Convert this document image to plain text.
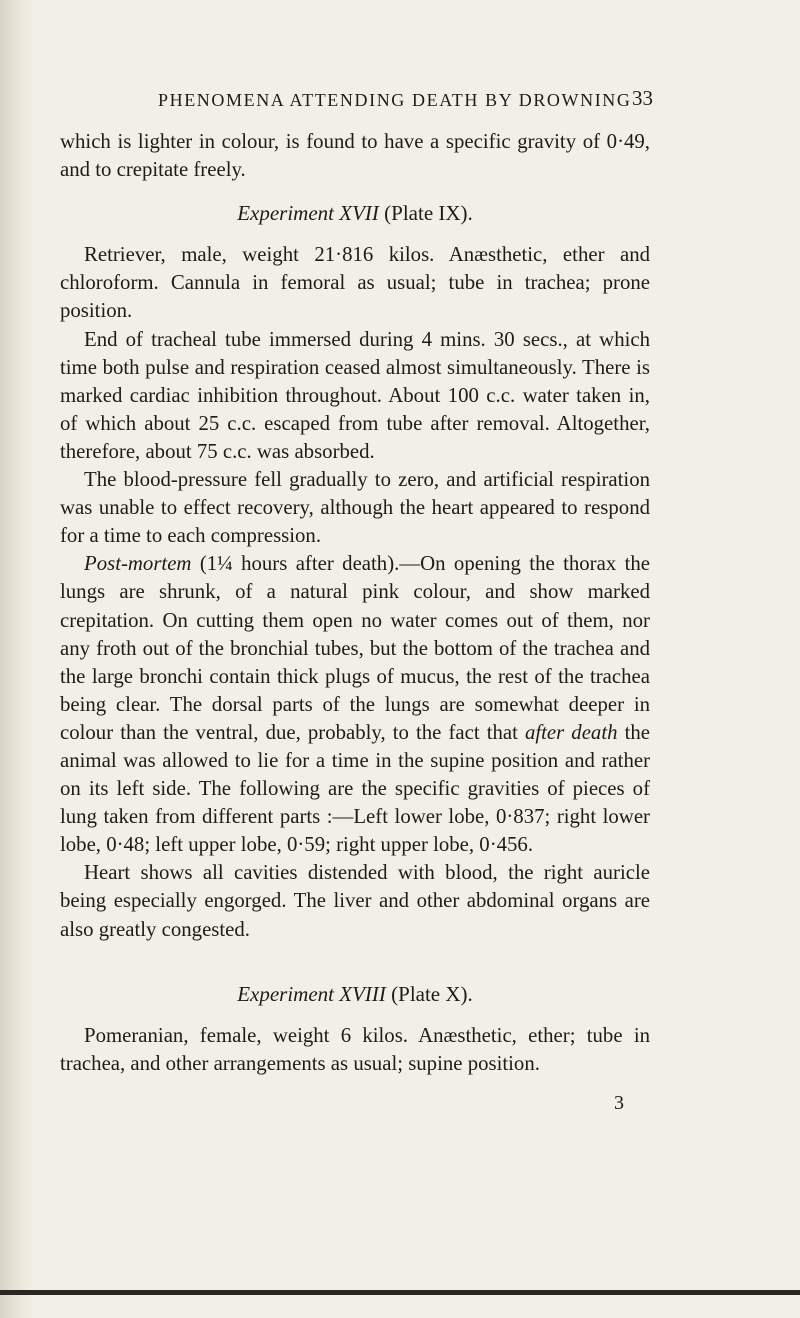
PHENOMENA ATTENDING DEATH BY DROWNING 33

which is lighter in colour, is found to have a specific gravity of 0·49, and to crepitate freely.

Experiment XVII (Plate IX).

Retriever, male, weight 21·816 kilos. Anæsthetic, ether and chloroform. Cannula in femoral as usual; tube in trachea; prone position.

End of tracheal tube immersed during 4 mins. 30 secs., at which time both pulse and respiration ceased almost simultaneously. There is marked cardiac inhibition throughout. About 100 c.c. water taken in, of which about 25 c.c. escaped from tube after removal. Altogether, therefore, about 75 c.c. was absorbed.

The blood-pressure fell gradually to zero, and artificial respiration was unable to effect recovery, although the heart appeared to respond for a time to each compression.

Post-mortem (1¼ hours after death).—On opening the thorax the lungs are shrunk, of a natural pink colour, and show marked crepitation. On cutting them open no water comes out of them, nor any froth out of the bronchial tubes, but the bottom of the trachea and the large bronchi contain thick plugs of mucus, the rest of the trachea being clear. The dorsal parts of the lungs are somewhat deeper in colour than the ventral, due, probably, to the fact that after death the animal was allowed to lie for a time in the supine position and rather on its left side. The following are the specific gravities of pieces of lung taken from different parts :—Left lower lobe, 0·837; right lower lobe, 0·48; left upper lobe, 0·59; right upper lobe, 0·456.

Heart shows all cavities distended with blood, the right auricle being especially engorged. The liver and other abdominal organs are also greatly congested.

Experiment XVIII (Plate X).

Pomeranian, female, weight 6 kilos. Anæsthetic, ether; tube in trachea, and other arrangements as usual; supine position.

3
